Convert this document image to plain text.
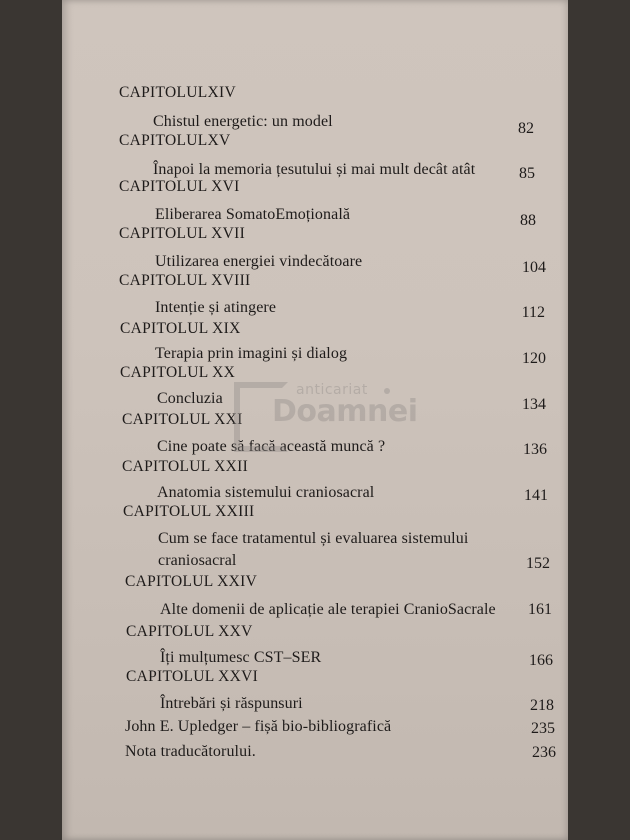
CAPITOLULXIV
Chistul energetic: un model	82
CAPITOLULXV
Înapoi la memoria țesutului și mai mult decât atât	85
CAPITOLUL XVI
Eliberarea SomatoEmoțională	88
CAPITOLUL XVII
Utilizarea energiei vindecătoare	104
CAPITOLUL XVIII
Intenție și atingere	112
CAPITOLUL XIX
Terapia prin imagini și dialog	120
CAPITOLUL XX
Concluzia	134
CAPITOLUL XXI
Cine poate să facă această muncă ?	136
CAPITOLUL XXII
Anatomia sistemului craniosacral	141
CAPITOLUL XXIII
Cum se face tratamentul și evaluarea sistemului
craniosacral	152
CAPITOLUL XXIV
Alte domenii de aplicație ale terapiei CranioSacrale	161
CAPITOLUL XXV
Îți mulțumesc CST–SER	166
CAPITOLUL XXVI
Întrebări și răspunsuri	218
John E. Upledger – fișă bio-bibliografică	235
Nota traducătorului.	236
anticariat
Doamnei
